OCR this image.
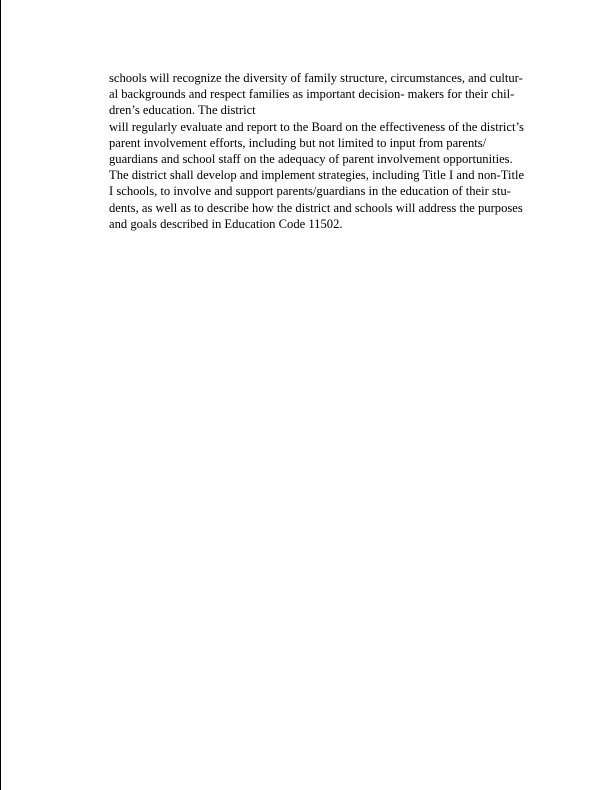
schools will recognize the diversity of family structure, circumstances, and cultur-
al backgrounds and respect families as important decision- makers for their chil-
dren’s education. The district
will regularly evaluate and report to the Board on the effectiveness of the district’s
parent involvement efforts, including but not limited to input from parents/
guardians and school staff on the adequacy of parent involvement opportunities.
The district shall develop and implement strategies, including Title I and non-Title
I schools, to involve and support parents/guardians in the education of their stu-
dents, as well as to describe how the district and schools will address the purposes
and goals described in Education Code 11502.
